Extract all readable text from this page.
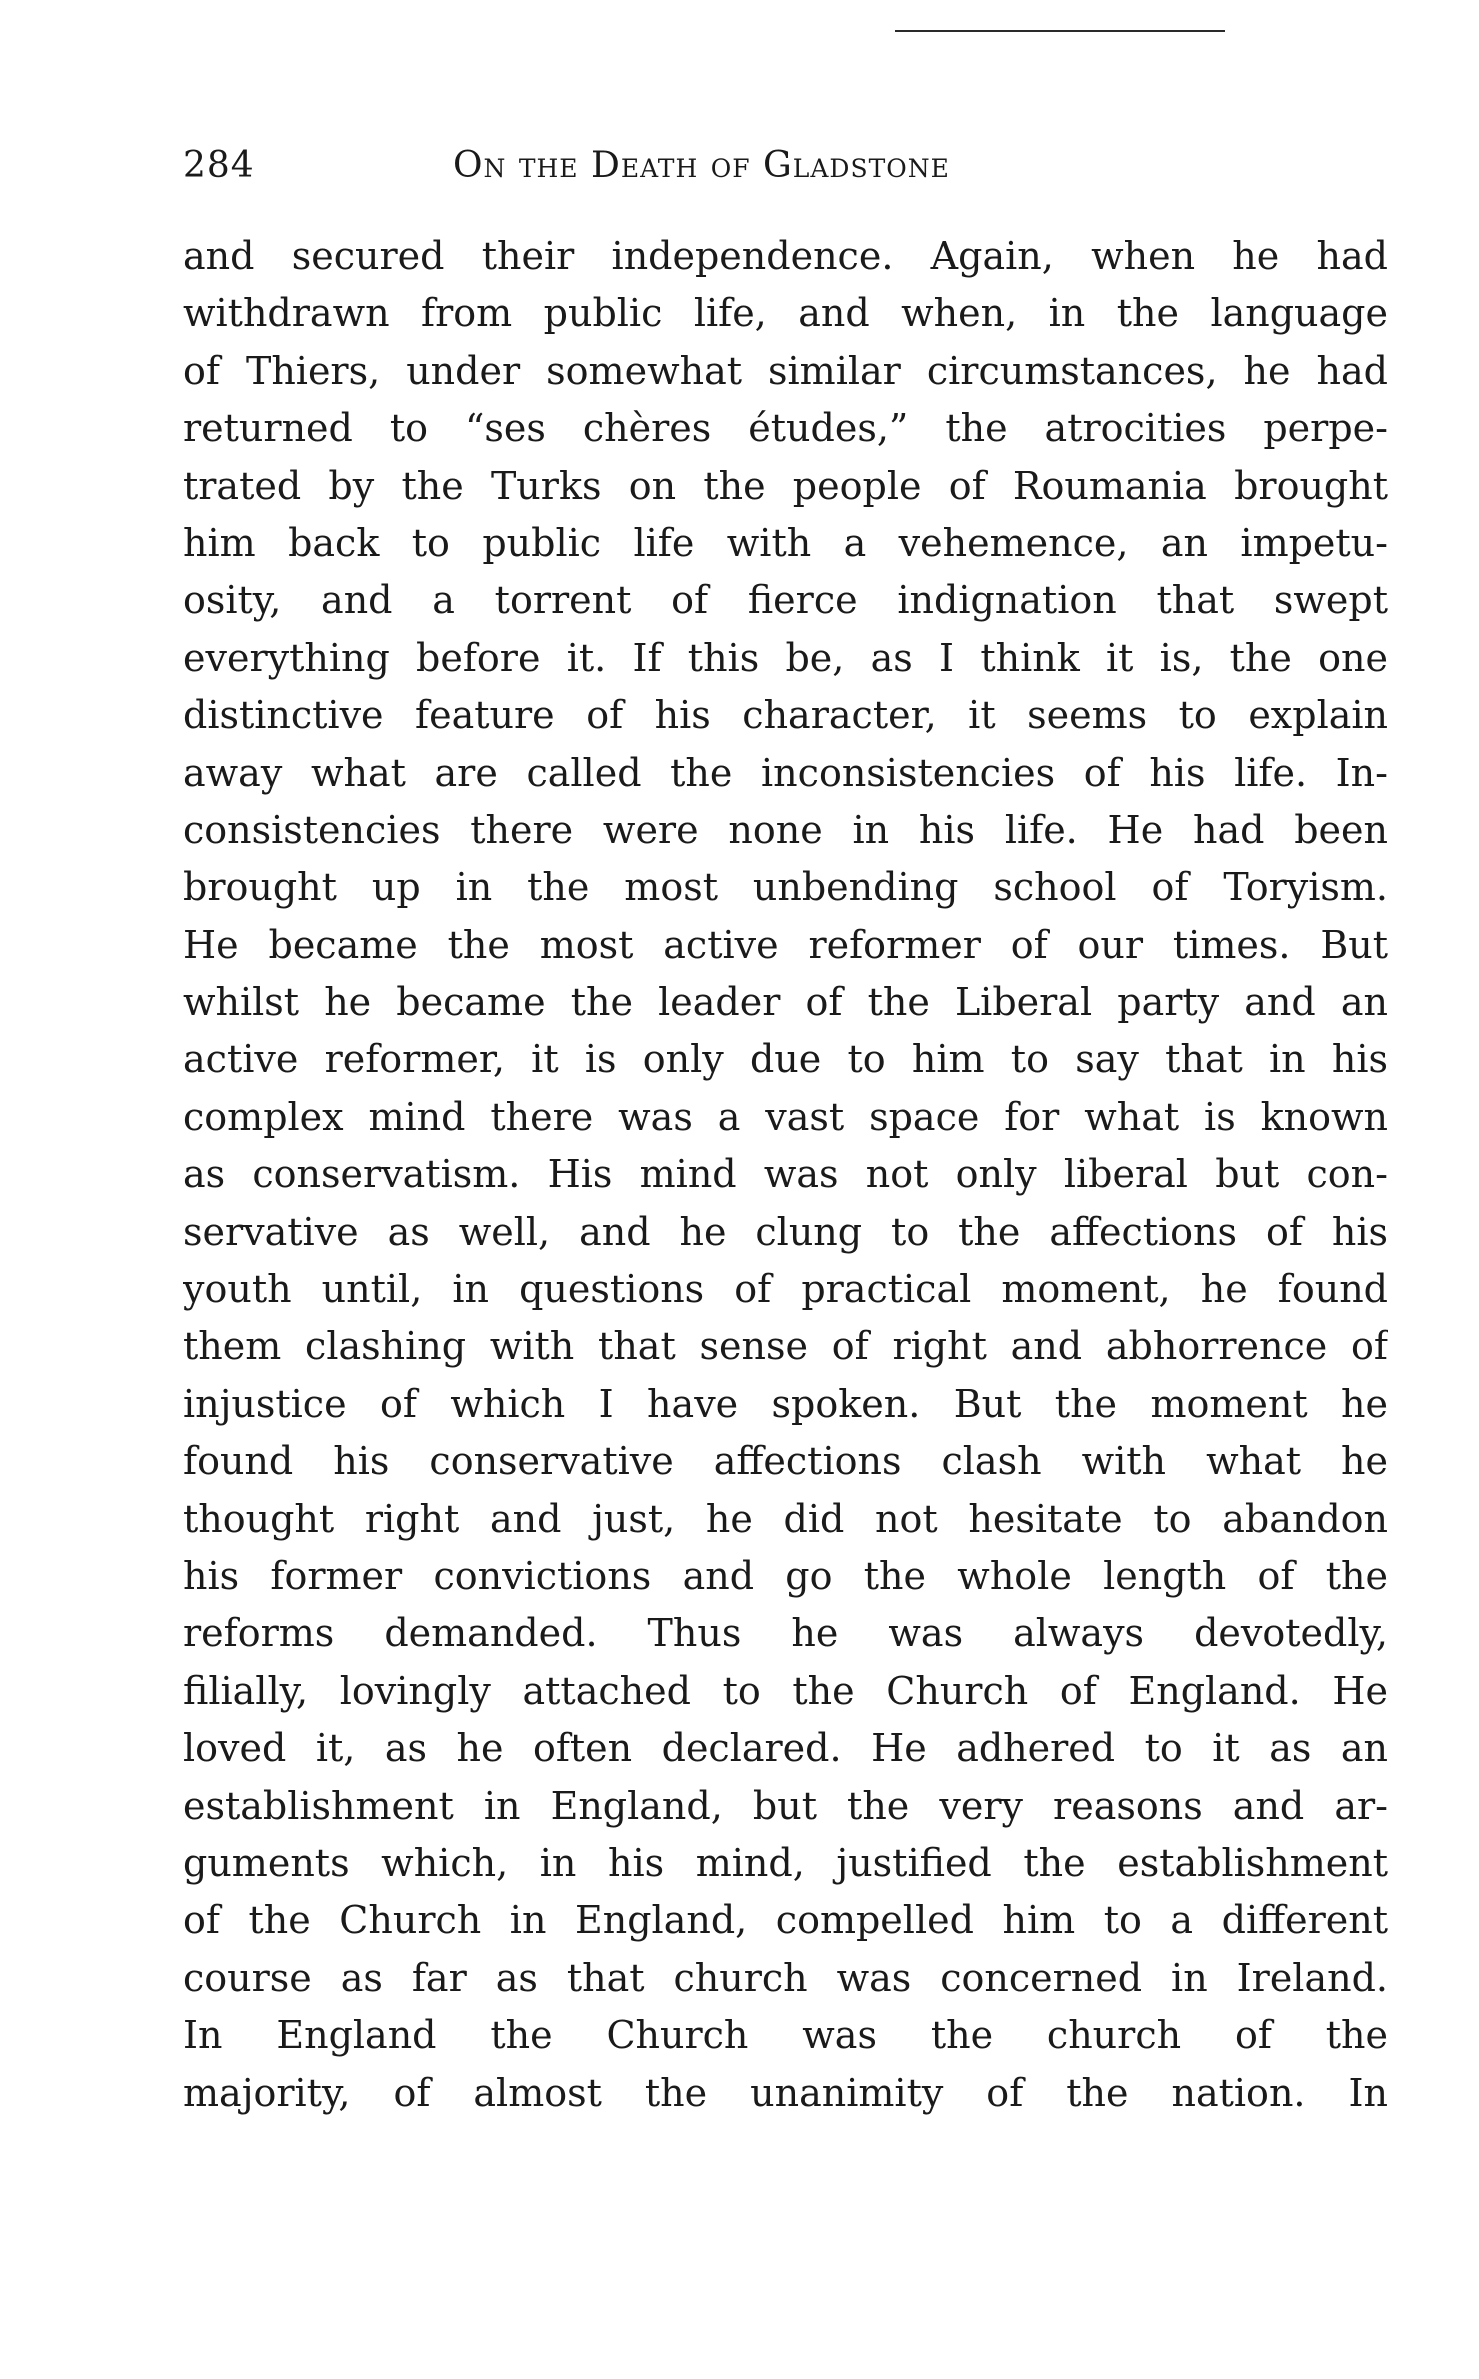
284	On the Death of Gladstone
and secured their independence. Again, when he had
withdrawn from public life, and when, in the language
of Thiers, under somewhat similar circumstances, he had
returned to “ses chères études,” the atrocities perpe-
trated by the Turks on the people of Roumania brought
him back to public life with a vehemence, an impetu-
osity, and a torrent of fierce indignation that swept
everything before it. If this be, as I think it is, the one
distinctive feature of his character, it seems to explain
away what are called the inconsistencies of his life. In-
consistencies there were none in his life. He had been
brought up in the most unbending school of Toryism.
He became the most active reformer of our times. But
whilst he became the leader of the Liberal party and an
active reformer, it is only due to him to say that in his
complex mind there was a vast space for what is known
as conservatism. His mind was not only liberal but con-
servative as well, and he clung to the affections of his
youth until, in questions of practical moment, he found
them clashing with that sense of right and abhorrence of
injustice of which I have spoken. But the moment he
found his conservative affections clash with what he
thought right and just, he did not hesitate to abandon
his former convictions and go the whole length of the
reforms demanded. Thus he was always devotedly,
filially, lovingly attached to the Church of England. He
loved it, as he often declared. He adhered to it as an
establishment in England, but the very reasons and ar-
guments which, in his mind, justified the establishment
of the Church in England, compelled him to a different
course as far as that church was concerned in Ireland.
In England the Church was the church of the
majority, of almost the unanimity of the nation. In
